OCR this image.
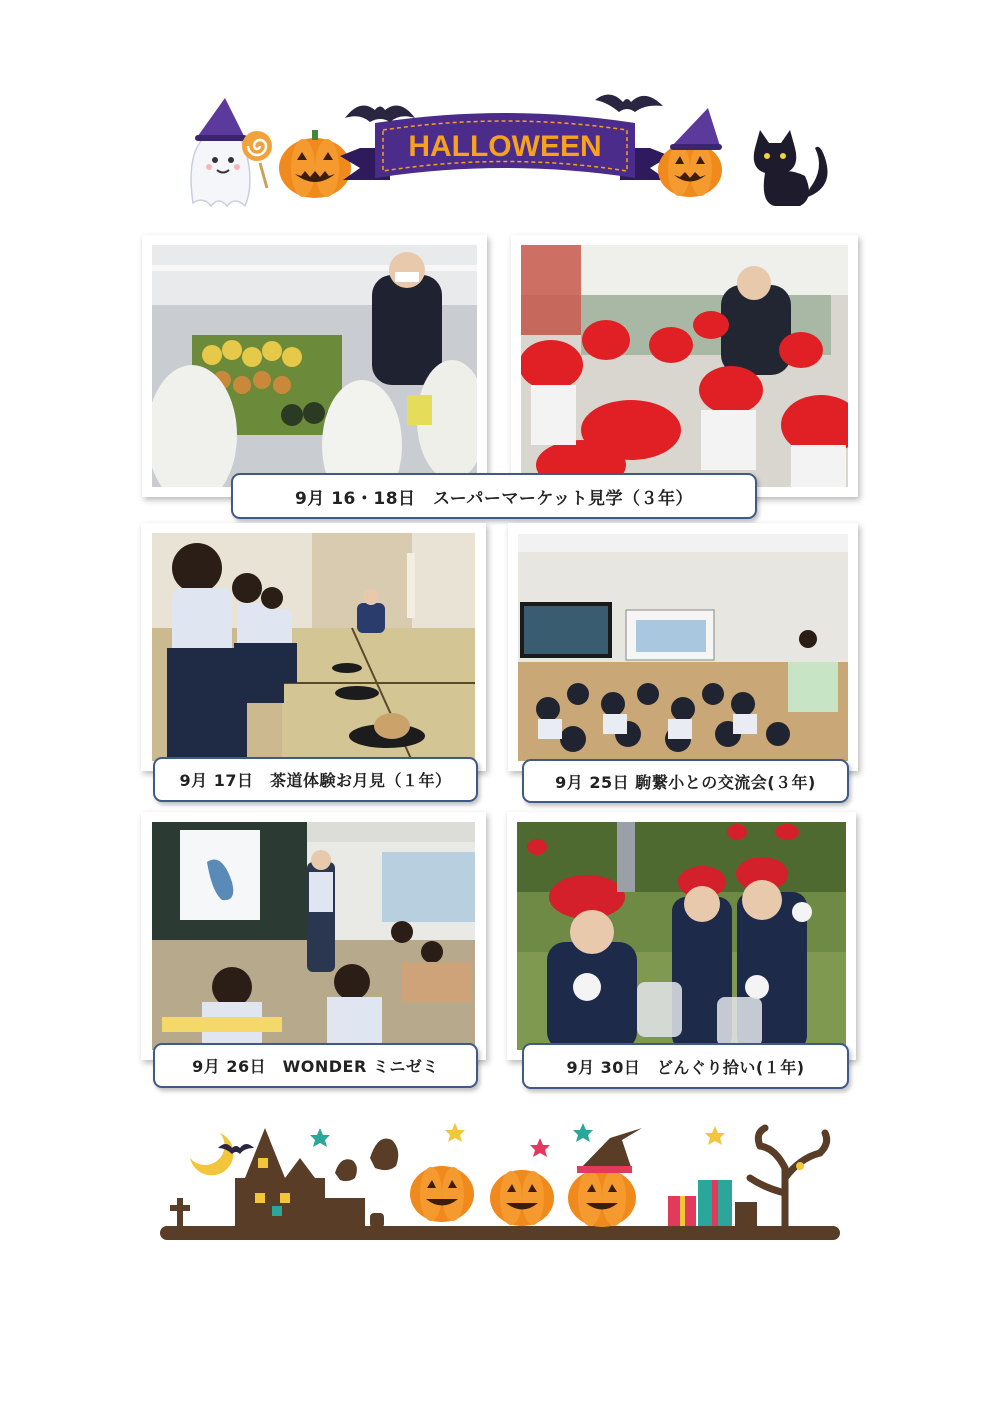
HALLOWEEN
9月 16・18日　スーパーマーケット見学（３年）
9月 17日　茶道体験お月見（１年）	9月 25日 駒繋小との交流会(３年)
9月 26日　WONDER ミニゼミ	9月 30日　どんぐり拾い(１年)
